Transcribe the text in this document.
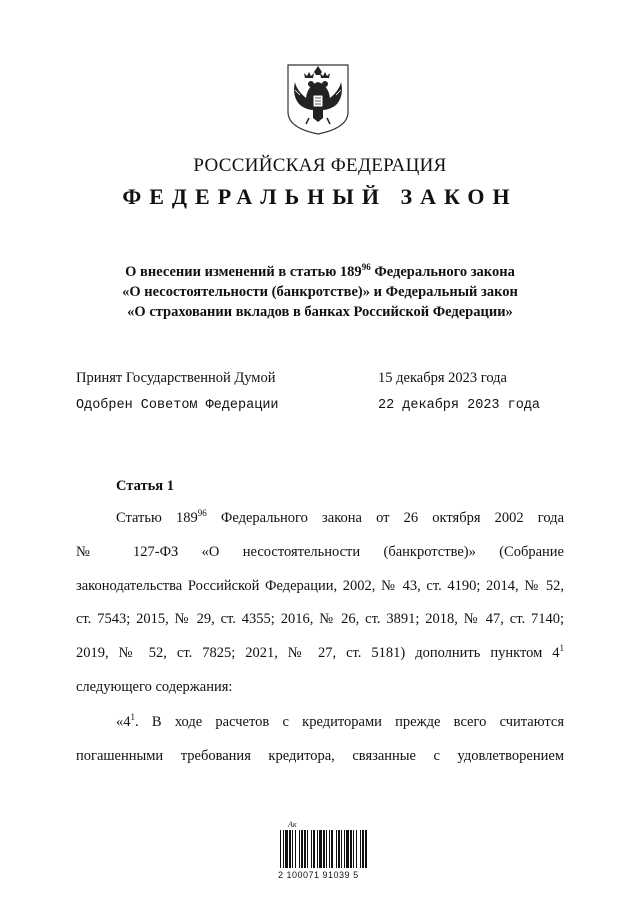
РОССИЙСКАЯ ФЕДЕРАЦИЯ
ФЕДЕРАЛЬНЫЙ ЗАКОН
О внесении изменений в статью $189^{96}$ Федерального закона
«О несостоятельности (банкротстве)» и Федеральный закон
«О страховании вкладов в банках Российской Федерации»
Принят Государственной Думой	15 декабря 2023 года
Одобрен Советом Федерации	22 декабря 2023 года
Статья 1
Статью $189^{96}$ Федерального закона от 26 октября 2002 года
№ 127-ФЗ «О несостоятельности (банкротстве)» (Собрание
законодательства Российской Федерации, 2002, № 43, ст. 4190; 2014, № 52,
ст. 7543; 2015, № 29, ст. 4355; 2016, № 26, ст. 3891; 2018, № 47, ст. 7140;
2019, № 52, ст. 7825; 2021, № 27, ст. 5181) дополнить пунктом $4^1$
следующего содержания:
«$4^1$. В ходе расчетов с кредиторами прежде всего считаются
погашенными требования кредитора, связанные с удовлетворением
Ак
2 100071 91039 5
